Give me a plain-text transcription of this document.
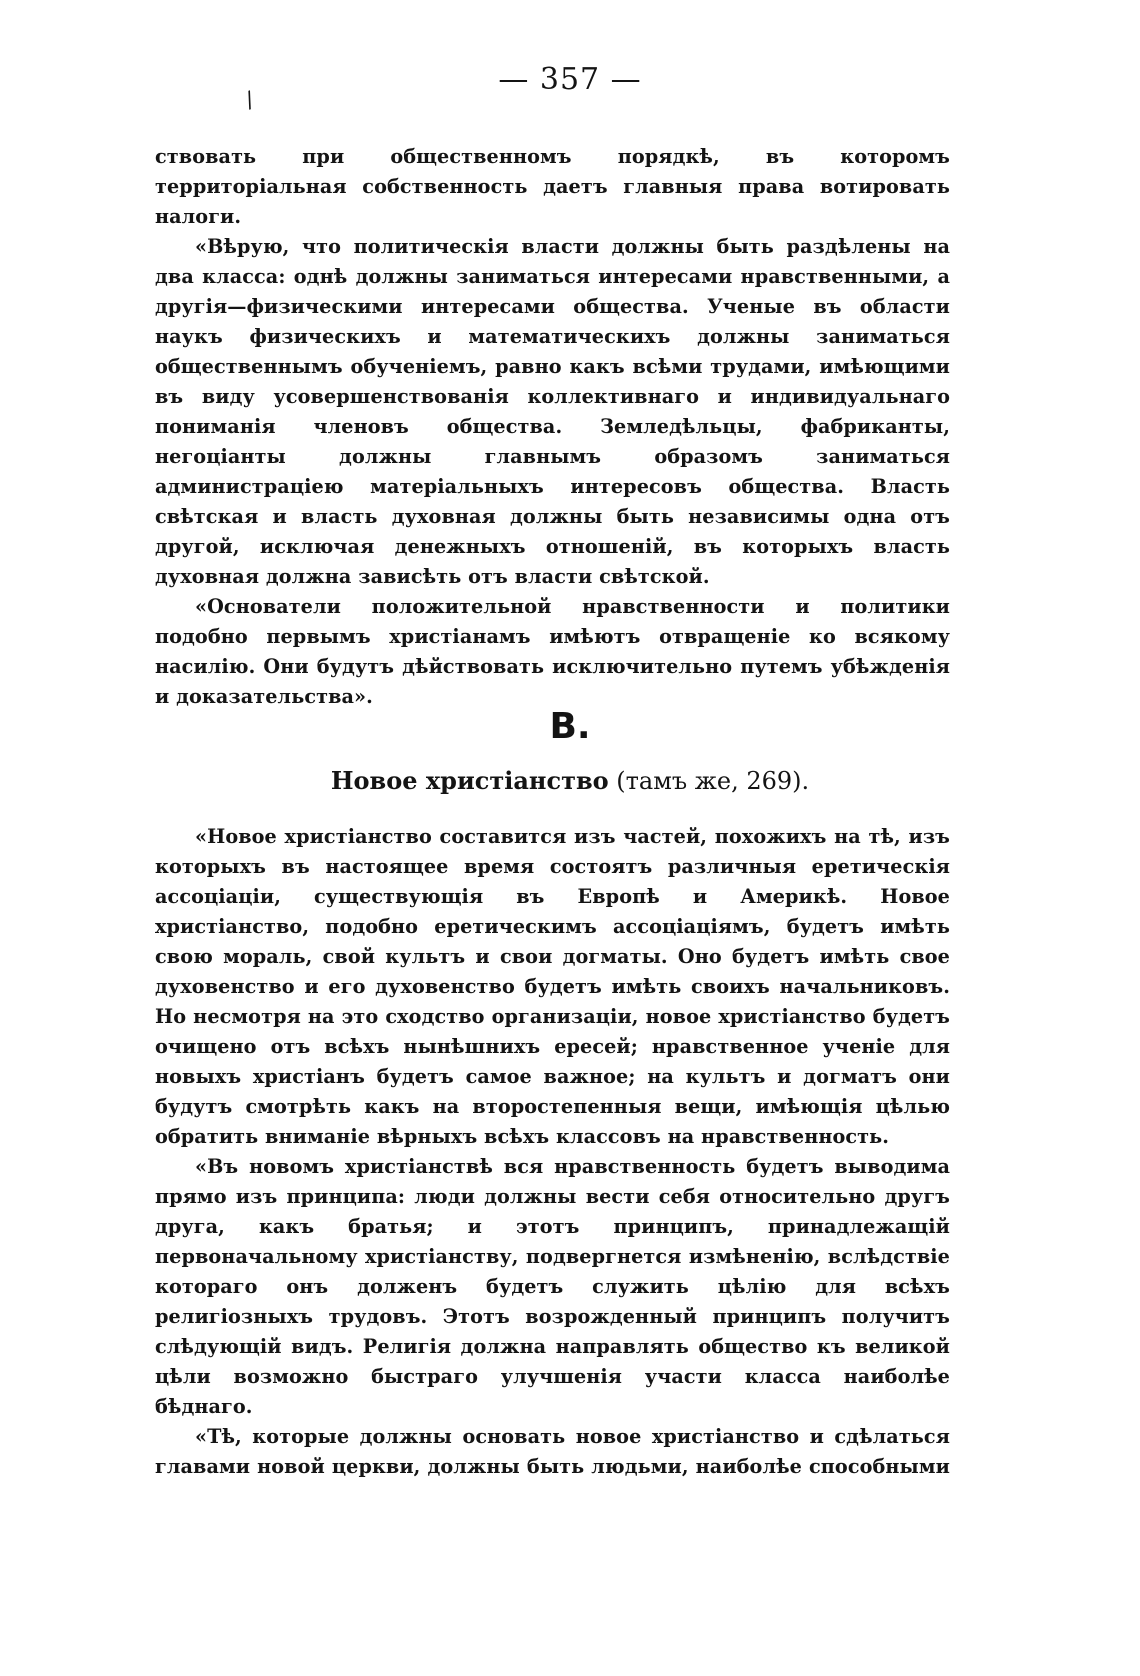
— 357 —
/

ствовать при общественномъ порядкѣ, въ которомъ территоріальная собственность даетъ главныя права вотировать налоги.

«Вѣрую, что политическія власти должны быть раздѣлены на два класса: однѣ должны заниматься интересами нравственными, а другія—физическими интересами общества. Ученые въ области наукъ физическихъ и математическихъ должны заниматься общественнымъ обученіемъ, равно какъ всѣми трудами, имѣющими въ виду усовершенствованія коллективнаго и индивидуальнаго пониманія членовъ общества. Земледѣльцы, фабриканты, негоціанты должны главнымъ образомъ заниматься администраціею матеріальныхъ интересовъ общества. Власть свѣтская и власть духовная должны быть независимы одна отъ другой, исключая денежныхъ отношеній, въ которыхъ власть духовная должна зависѣть отъ власти свѣтской.

«Основатели положительной нравственности и политики подобно первымъ христіанамъ имѣютъ отвращеніе ко всякому насилію. Они будутъ дѣйствовать исключительно путемъ убѣжденія и доказательства».

B.
Новое христіанство (тамъ же, 269).

«Новое христіанство составится изъ частей, похожихъ на тѣ, изъ которыхъ въ настоящее время состоятъ различныя еретическія ассоціаціи, существующія въ Европѣ и Америкѣ. Новое христіанство, подобно еретическимъ ассоціаціямъ, будетъ имѣть свою мораль, свой культъ и свои догматы. Оно будетъ имѣть свое духовенство и его духовенство будетъ имѣть своихъ начальниковъ. Но несмотря на это сходство организаціи, новое христіанство будетъ очищено отъ всѣхъ нынѣшнихъ ересей; нравственное ученіе для новыхъ христіанъ будетъ самое важное; на культъ и догматъ они будутъ смотрѣть какъ на второстепенныя вещи, имѣющія цѣлью обратить вниманіе вѣрныхъ всѣхъ классовъ на нравственность.

«Въ новомъ христіанствѣ вся нравственность будетъ выводима прямо изъ принципа: люди должны вести себя относительно другъ друга, какъ братья; и этотъ принципъ, принадлежащій первоначальному христіанству, подвергнется измѣненію, вслѣдствіе котораго онъ долженъ будетъ служить цѣлію для всѣхъ религіозныхъ трудовъ. Этотъ возрожденный принципъ получитъ слѣдующій видъ. Религія должна направлять общество къ великой цѣли возможно быстраго улучшенія участи класса наиболѣе бѣднаго.

«Тѣ, которые должны основать новое христіанство и сдѣлаться главами новой церкви, должны быть людьми, наиболѣе способными
